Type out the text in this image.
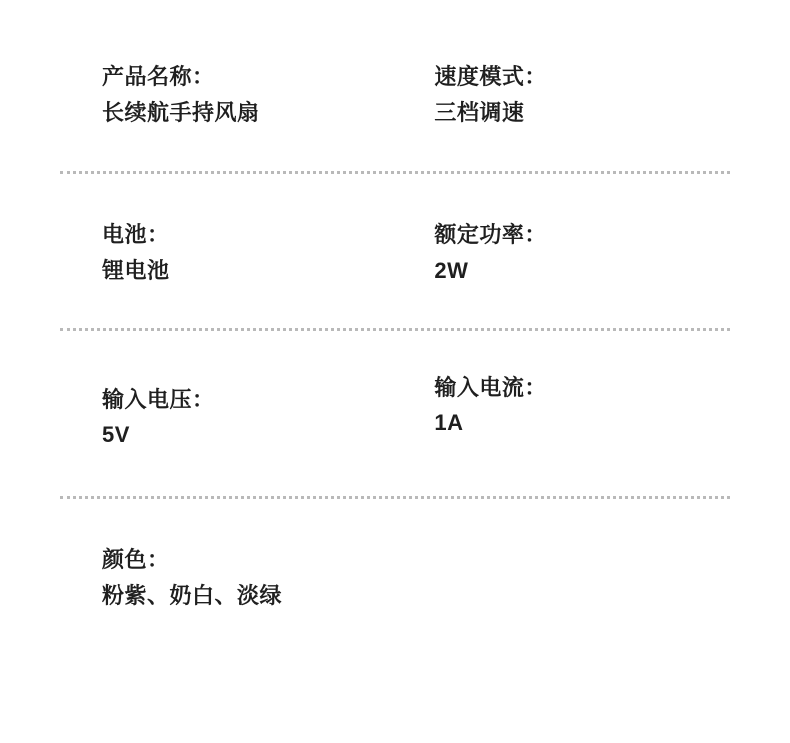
产品名称：
长续航手持风扇
速度模式：
三档调速
电池：
锂电池
额定功率：
2W
输入电压：
5V
输入电流：
1A
颜色：
粉紫、奶白、淡绿
